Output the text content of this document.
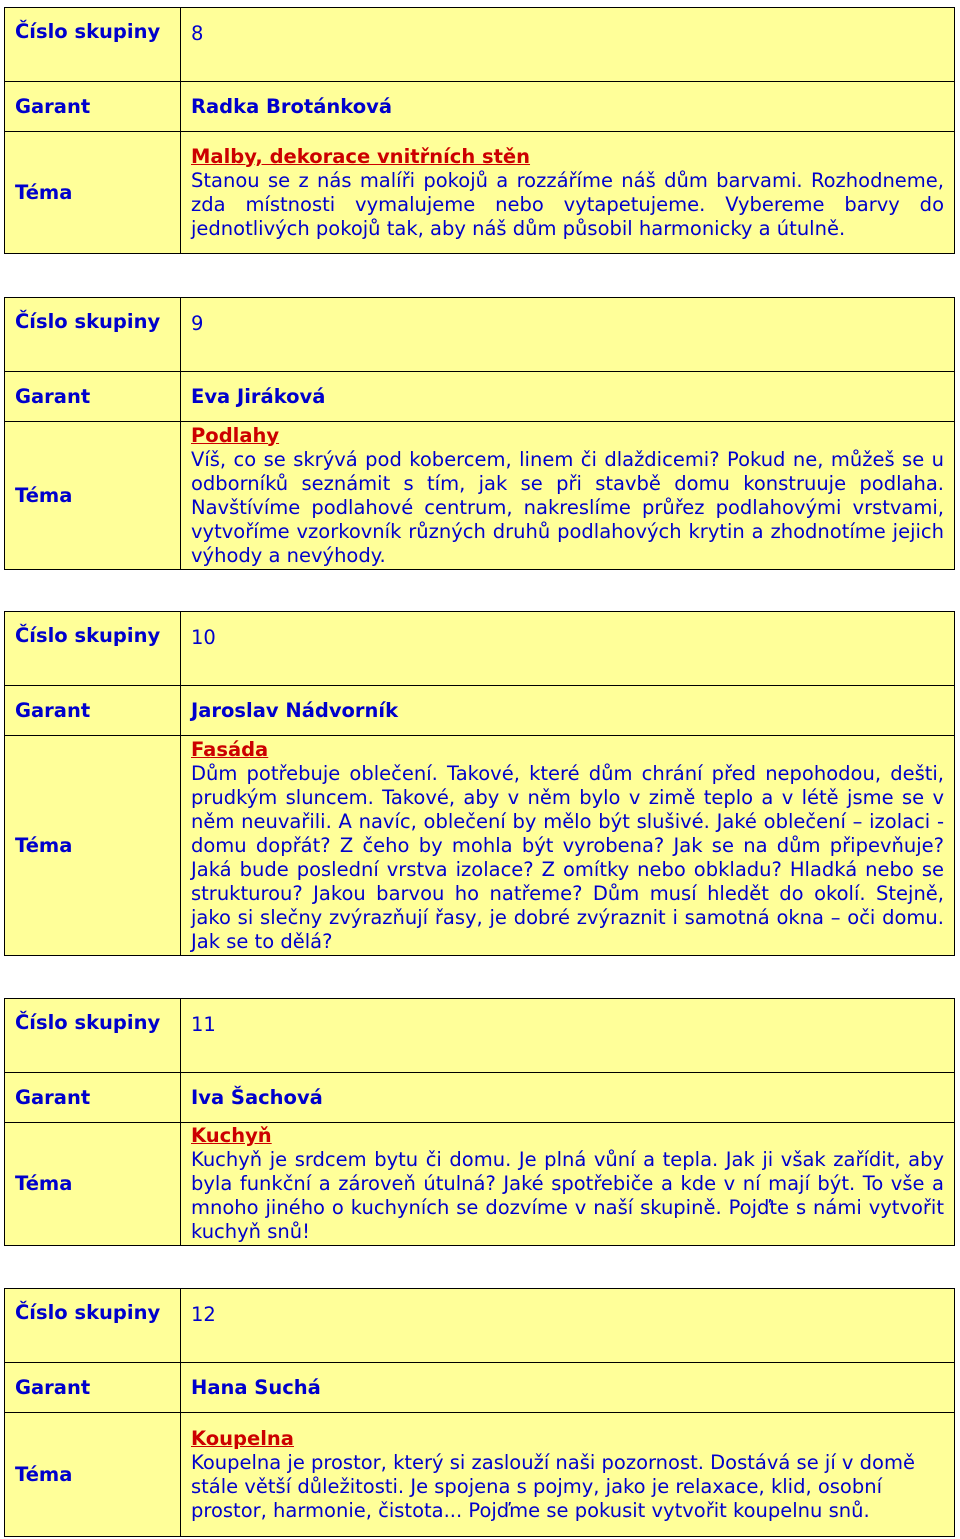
Číslo skupiny	8
Garant	Radka Brotánková
Téma	Malby, dekorace vnitřních stěn
Stanou se z nás malíři pokojů a rozzáříme náš dům barvami. Rozhodneme, zda místnosti vymalujeme nebo vytapetujeme. Vybereme barvy do jednotlivých pokojů tak, aby náš dům působil harmonicky a útulně.
Číslo skupiny	9
Garant	Eva Jiráková
Téma	Podlahy
Víš, co se skrývá pod kobercem, linem či dlaždicemi? Pokud ne, můžeš se u odborníků seznámit s tím, jak se při stavbě domu konstruuje podlaha. Navštívíme podlahové centrum, nakreslíme průřez podlahovými vrstvami, vytvoříme vzorkovník různých druhů podlahových krytin a zhodnotíme jejich výhody a nevýhody.
Číslo skupiny	10
Garant	Jaroslav Nádvorník
Téma	Fasáda
Dům potřebuje oblečení. Takové, které dům chrání před nepohodou, dešti, prudkým sluncem. Takové, aby v něm bylo v zimě teplo a v létě jsme se v něm neuvařili. A navíc, oblečení by mělo být slušivé. Jaké oblečení – izolaci - domu dopřát? Z čeho by mohla být vyrobena? Jak se na dům připevňuje? Jaká bude poslední vrstva izolace? Z omítky nebo obkladu? Hladká nebo se strukturou? Jakou barvou ho natřeme? Dům musí hledět do okolí. Stejně, jako si slečny zvýrazňují řasy, je dobré zvýraznit i samotná okna – oči domu. Jak se to dělá?
Číslo skupiny	11
Garant	Iva Šachová
Téma	Kuchyň
Kuchyň je srdcem bytu či domu. Je plná vůní a tepla. Jak ji však zařídit, aby byla funkční a zároveň útulná? Jaké spotřebiče a kde v ní mají být. To vše a mnoho jiného o kuchyních se dozvíme v naší skupině. Pojďte s námi vytvořit kuchyň snů!
Číslo skupiny	12
Garant	Hana Suchá
Téma	Koupelna
Koupelna je prostor, který si zaslouží naši pozornost. Dostává se jí v domě stále větší důležitosti. Je spojena s pojmy, jako je relaxace, klid, osobní prostor, harmonie, čistota... Pojďme se pokusit vytvořit koupelnu snů.
